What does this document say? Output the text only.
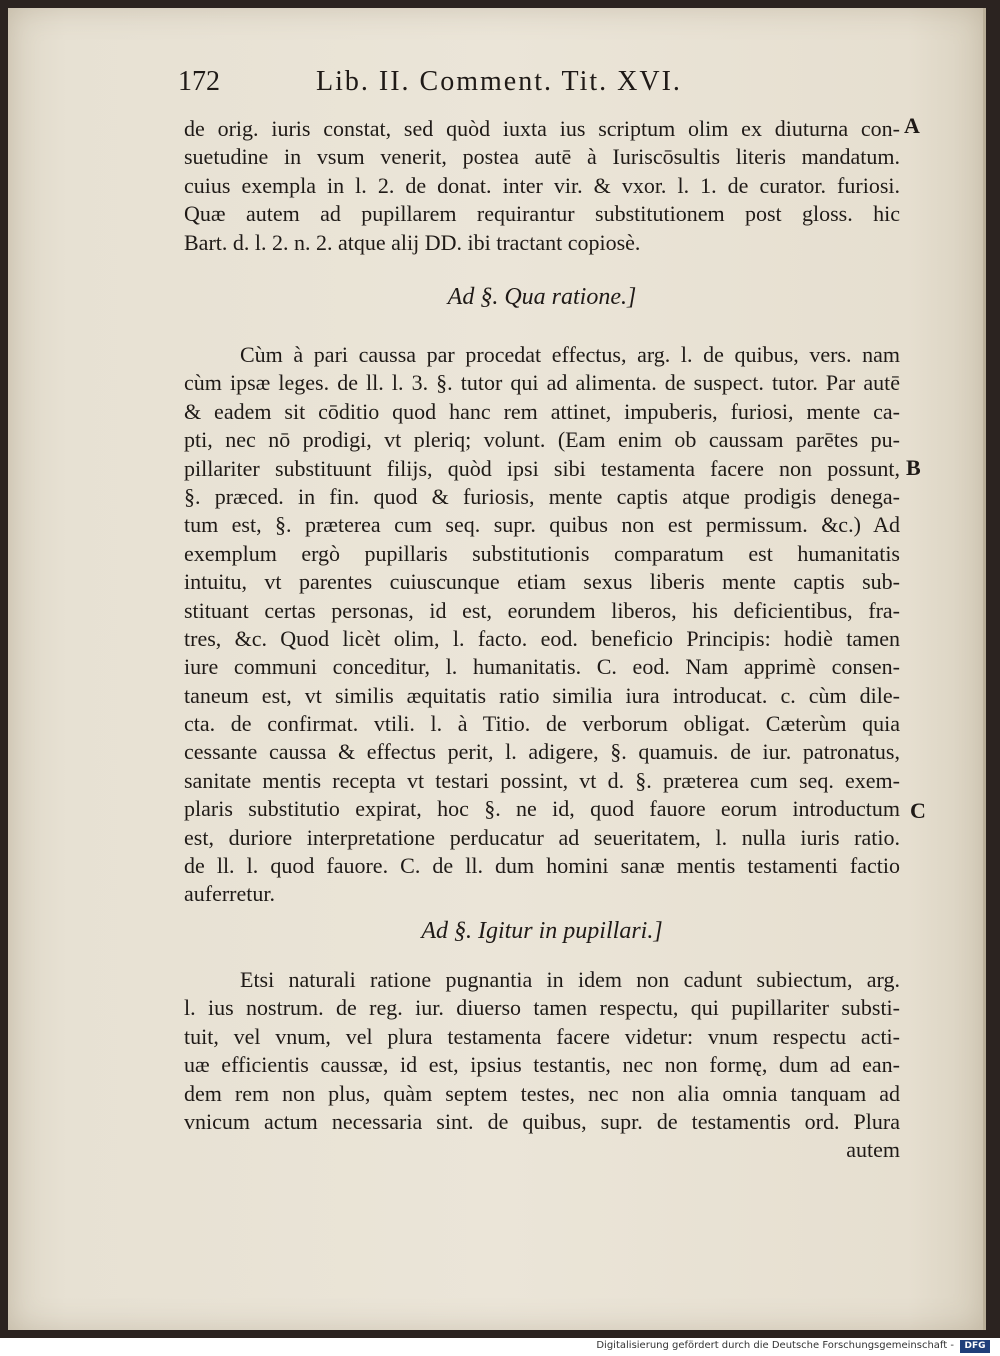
172	Lib. II. Comment. Tit. XVI.
de orig. iuris constat, sed quòd iuxta ius scriptum olim ex diuturna con-
suetudine in vsum venerit, postea autē à Iuriscōsultis literis mandatum.
cuius exempla in l. 2. de donat. inter vir. & vxor. l. 1. de curator. furiosi.
Quæ autem ad pupillarem requirantur substitutionem post gloss. hic
Bart. d. l. 2. n. 2. atque alij DD. ibi tractant copiosè.
Ad §. Qua ratione.]
Cùm à pari caussa par procedat effectus, arg. l. de quibus, vers. nam
cùm ipsæ leges. de ll. l. 3. §. tutor qui ad alimenta. de suspect. tutor. Par autē
& eadem sit cōditio quod hanc rem attinet, impuberis, furiosi, mente ca-
pti, nec nō prodigi, vt pleriq; volunt. (Eam enim ob caussam parētes pu-
pillariter substituunt filijs, quòd ipsi sibi testamenta facere non possunt,
§. præced. in fin. quod & furiosis, mente captis atque prodigis denega-
tum est, §. præterea cum seq. supr. quibus non est permissum. &c.) Ad
exemplum ergò pupillaris substitutionis comparatum est humanitatis
intuitu, vt parentes cuiuscunque etiam sexus liberis mente captis sub-
stituant certas personas, id est, eorundem liberos, his deficientibus, fra-
tres, &c. Quod licèt olim, l. facto. eod. beneficio Principis: hodiè tamen
iure communi conceditur, l. humanitatis. C. eod. Nam apprimè consen-
taneum est, vt similis æquitatis ratio similia iura introducat. c. cùm dile-
cta. de confirmat. vtili. l. à Titio. de verborum obligat. Cæterùm quia
cessante caussa & effectus perit, l. adigere, §. quamuis. de iur. patronatus,
sanitate mentis recepta vt testari possint, vt d. §. præterea cum seq. exem-
plaris substitutio expirat, hoc §. ne id, quod fauore eorum introductum
est, duriore interpretatione perducatur ad seueritatem, l. nulla iuris ratio.
de ll. l. quod fauore. C. de ll. dum homini sanæ mentis testamenti factio
auferretur.
Ad §. Igitur in pupillari.]
Etsi naturali ratione pugnantia in idem non cadunt subiectum, arg.
l. ius nostrum. de reg. iur. diuerso tamen respectu, qui pupillariter substi-
tuit, vel vnum, vel plura testamenta facere videtur: vnum respectu acti-
uæ efficientis caussæ, id est, ipsius testantis, nec non formę, dum ad ean-
dem rem non plus, quàm septem testes, nec non alia omnia tanquam ad
vnicum actum necessaria sint. de quibus, supr. de testamentis ord. Plura
autem
A
B
C
Digitalisierung gefördert durch die Deutsche Forschungsgemeinschaft -	DFG
